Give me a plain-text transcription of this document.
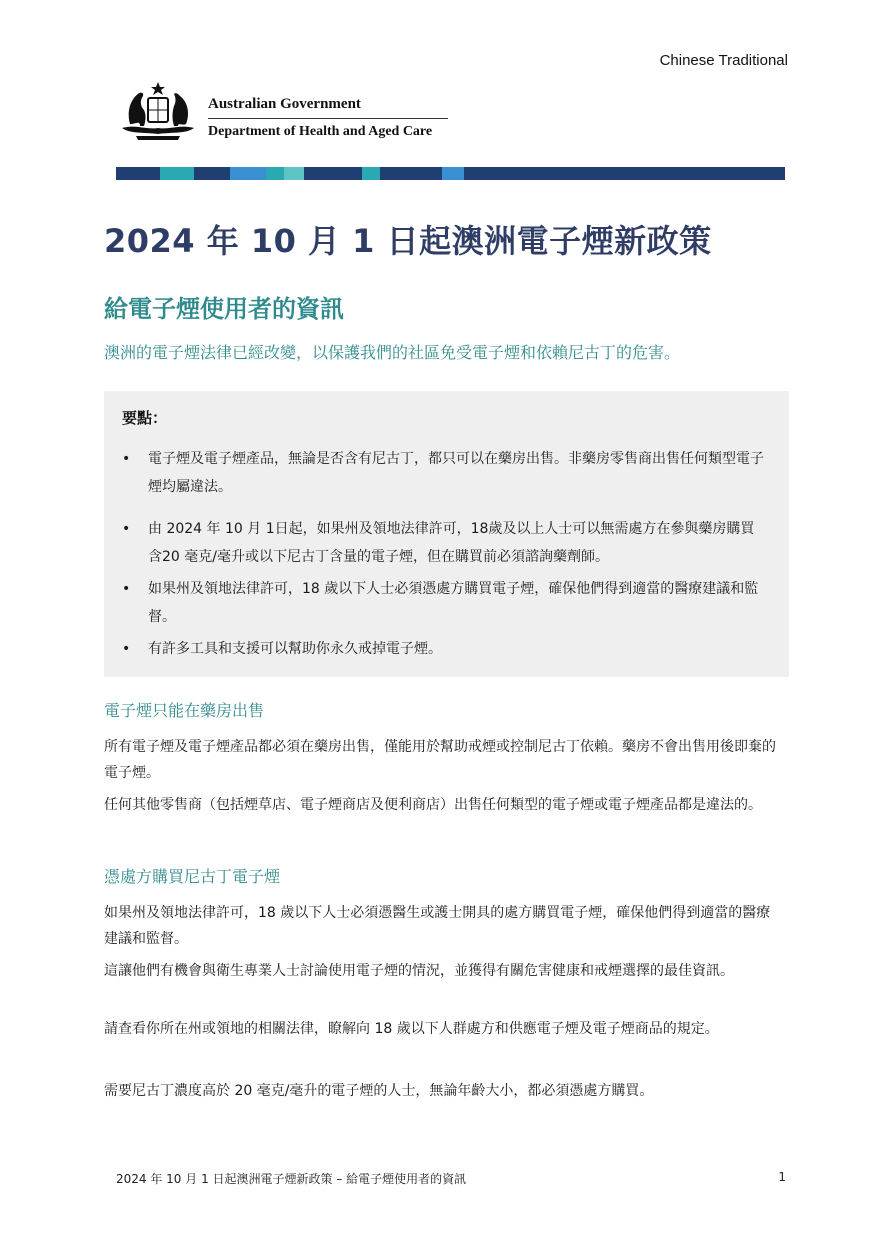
Chinese Traditional
Australian Government
Department of Health and Aged Care
2024 年 10 月 1 日起澳洲電子煙新政策
給電子煙使用者的資訊

澳洲的電子煙法律已經改變，以保護我們的社區免受電子煙和依賴尼古丁的危害。

要點：

• 電子煙及電子煙產品，無論是否含有尼古丁，都只可以在藥房出售。非藥房零售商出售任何類型電子煙均屬違法。

• 由 2024 年 10 月 1日起，如果州及領地法律許可，18歲及以上人士可以無需處方在參與藥房購買含20 毫克/毫升或以下尼古丁含量的電子煙，但在購買前必須諮詢藥劑師。

• 如果州及領地法律許可，18 歲以下人士必須憑處方購買電子煙，確保他們得到適當的醫療建議和監督。

• 有許多工具和支援可以幫助你永久戒掉電子煙。

電子煙只能在藥房出售

所有電子煙及電子煙產品都必須在藥房出售，僅能用於幫助戒煙或控制尼古丁依賴。藥房不會出售用後即棄的電子煙。

任何其他零售商（包括煙草店、電子煙商店及便利商店）出售任何類型的電子煙或電子煙產品都是違法的。

憑處方購買尼古丁電子煙

如果州及領地法律許可，18 歲以下人士必須憑醫生或護士開具的處方購買電子煙，確保他們得到適當的醫療建議和監督。

這讓他們有機會與衛生專業人士討論使用電子煙的情況，並獲得有關危害健康和戒煙選擇的最佳資訊。

請查看你所在州或領地的相關法律，瞭解向 18 歲以下人群處方和供應電子煙及電子煙商品的規定。

需要尼古丁濃度高於 20 毫克/毫升的電子煙的人士，無論年齡大小，都必須憑處方購買。

2024 年 10 月 1 日起澳洲電子煙新政策 – 給電子煙使用者的資訊	1
